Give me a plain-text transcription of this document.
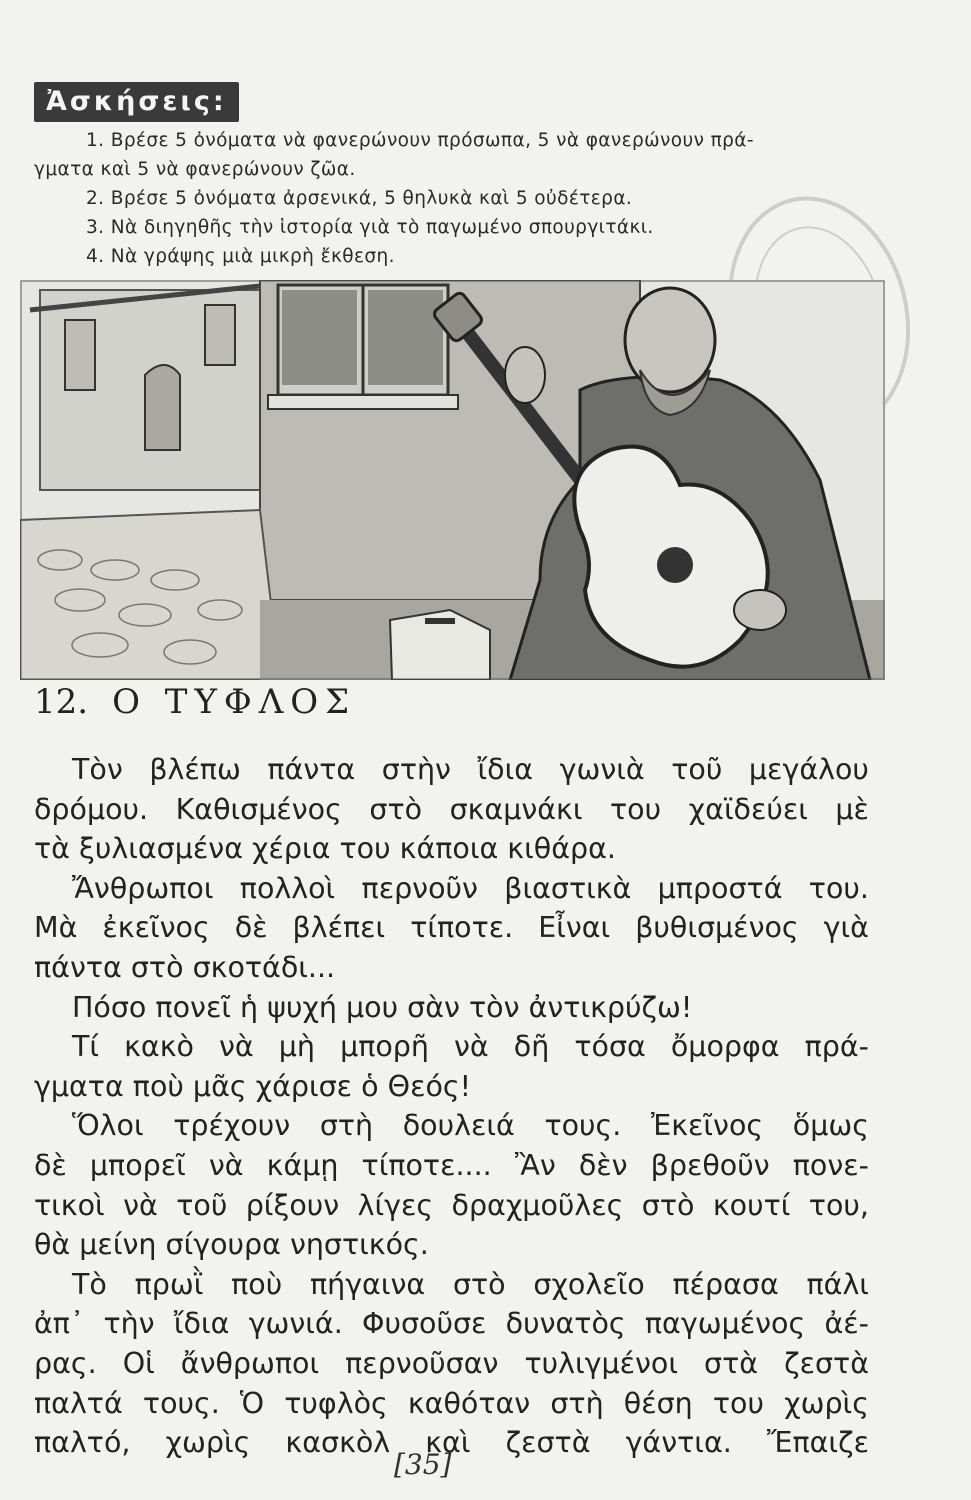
Ἀσκήσεις:
1. Βρέσε 5 ὀνόματα νὰ φανερώνουν πρόσωπα, 5 νὰ φανερώνουν πρά-
γματα καὶ 5 νὰ φανερώνουν ζῶα.
2. Βρέσε 5 ὀνόματα ἀρσενικά, 5 θηλυκὰ καὶ 5 οὐδέτερα.
3. Νὰ διηγηθῆς τὴν ἱστορία γιὰ τὸ παγωμένο σπουργιτάκι.
4. Νὰ γράψης μιὰ μικρὴ ἔκθεση.
12. Ο ΤΥΦΛΟΣ
Τὸν βλέπω πάντα στὴν ἴδια γωνιὰ τοῦ μεγάλου
δρόμου. Καθισμένος στὸ σκαμνάκι του χαϊδεύει μὲ
τὰ ξυλιασμένα χέρια του κάποια κιθάρα.
Ἄνθρωποι πολλοὶ περνοῦν βιαστικὰ μπροστά του.
Μὰ ἐκεῖνος δὲ βλέπει τίποτε. Εἶναι βυθισμένος γιὰ
πάντα στὸ σκοτάδι...
Πόσο πονεῖ ἡ ψυχή μου σὰν τὸν ἀντικρύζω!
Τί κακὸ νὰ μὴ μπορῆ νὰ δῆ τόσα ὄμορφα πρά-
γματα ποὺ μᾶς χάρισε ὁ Θεός!
Ὅλοι τρέχουν στὴ δουλειά τους. Ἐκεῖνος ὅμως
δὲ μπορεῖ νὰ κάμῃ τίποτε.... Ἂν δὲν βρεθοῦν πονε-
τικοὶ νὰ τοῦ ρίξουν λίγες δραχμοῦλες στὸ κουτί του,
θὰ μείνη σίγουρα νηστικός.
Τὸ πρωῒ ποὺ πήγαινα στὸ σχολεῖο πέρασα πάλι
ἀπ᾿ τὴν ἴδια γωνιά. Φυσοῦσε δυνατὸς παγωμένος ἀέ-
ρας. Οἱ ἄνθρωποι περνοῦσαν τυλιγμένοι στὰ ζεστὰ
παλτά τους. Ὁ τυφλὸς καθόταν στὴ θέση του χωρὶς
παλτό, χωρὶς κασκὸλ καὶ ζεστὰ γάντια. Ἔπαιζε
[35]
